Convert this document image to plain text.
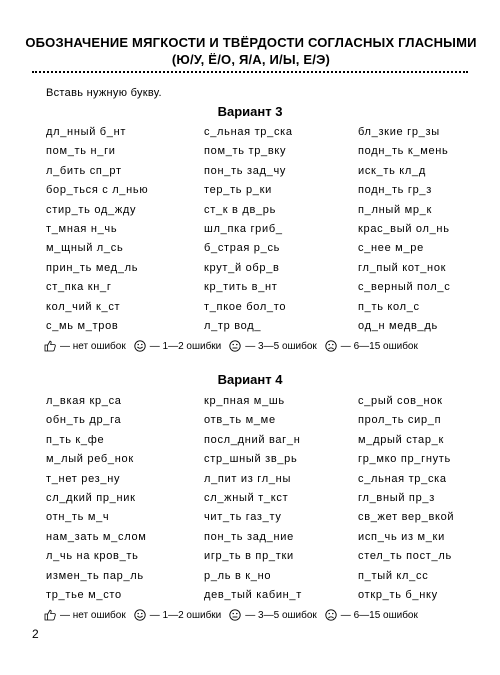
ОБОЗНАЧЕНИЕ МЯГКОСТИ И ТВЁРДОСТИ СОГЛАСНЫХ ГЛАСНЫМИ
(Ю/У, Ё/О, Я/А, И/Ы, Е/Э)
Вставь нужную букву.
Вариант 3
дл_нный б_нт	с_льная тр_ска	бл_зкие гр_зы
пом_ть н_ги	пом_ть тр_вку	подн_ть к_мень
л_бить сп_рт	пон_ть зад_чу	иск_ть кл_д
бор_ться с л_нью	тер_ть р_ки	подн_ть гр_з
стир_ть од_жду	ст_к в дв_рь	п_лный мр_к
т_мная н_чь	шл_пка гриб_	крас_вый ол_нь
м_щный л_сь	б_страя р_сь	с_нее м_ре
прин_ть мед_ль	крут_й обр_в	гл_пый кот_нок
ст_пка кн_г	кр_тить в_нт	с_верный пол_с
кол_чий к_ст	т_пкое бол_то	п_ть кол_с
с_мь м_тров	л_тр вод_	од_н медв_дь
— нет ошибок — 1—2 ошибки — 3—5 ошибок — 6—15 ошибок
Вариант 4
л_вкая кр_са	кр_пная м_шь	с_рый сов_нок
обн_ть др_га	отв_ть м_ме	прол_ть сир_п
п_ть к_фе	посл_дний ваг_н	м_дрый стар_к
м_лый реб_нок	стр_шный зв_рь	гр_мко пр_гнуть
т_нет рез_ну	л_пит из гл_ны	с_льная тр_ска
сл_дкий пр_ник	сл_жный т_кст	гл_вный пр_з
отн_ть м_ч	чит_ть газ_ту	св_жет вер_вкой
нам_зать м_слом	пон_ть зад_ние	исп_чь из м_ки
л_чь на кров_ть	игр_ть в пр_тки	стел_ть пост_ль
измен_ть пар_ль	р_ль в к_но	п_тый кл_сс
тр_тье м_сто	дев_тый кабин_т	откр_ть б_нку
— нет ошибок — 1—2 ошибки — 3—5 ошибок — 6—15 ошибок
2
